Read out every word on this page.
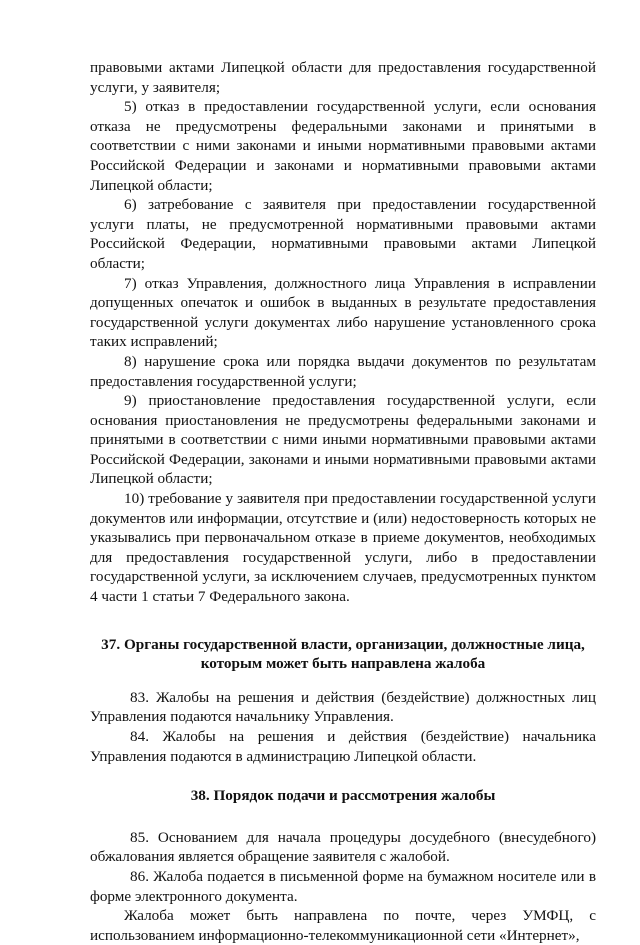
правовыми актами Липецкой области для предоставления государственной услуги, у заявителя;

5) отказ в предоставлении государственной услуги, если основания отказа не предусмотрены федеральными законами и принятыми в соответствии с ними законами и иными нормативными правовыми актами Российской Федерации и законами и нормативными правовыми актами Липецкой области;

6) затребование с заявителя при предоставлении государственной услуги платы, не предусмотренной нормативными правовыми актами Российской Федерации, нормативными правовыми актами Липецкой области;

7) отказ Управления, должностного лица Управления в исправлении допущенных опечаток и ошибок в выданных в результате предоставления государственной услуги документах либо нарушение установленного срока таких исправлений;

8) нарушение срока или порядка выдачи документов по результатам предоставления государственной услуги;

9) приостановление предоставления государственной услуги, если основания приостановления не предусмотрены федеральными законами и принятыми в соответствии с ними иными нормативными правовыми актами Российской Федерации, законами и иными нормативными правовыми актами Липецкой области;

10) требование у заявителя при предоставлении государственной услуги документов или информации, отсутствие и (или) недостоверность которых не указывались при первоначальном отказе в приеме документов, необходимых для предоставления государственной услуги, либо в предоставлении государственной услуги, за исключением случаев, предусмотренных пунктом 4 части 1 статьи 7 Федерального закона.

37. Органы государственной власти, организации, должностные лица, которым может быть направлена жалоба

83. Жалобы на решения и действия (бездействие) должностных лиц Управления подаются начальнику Управления.

84. Жалобы на решения и действия (бездействие) начальника Управления подаются в администрацию Липецкой области.

38. Порядок подачи и рассмотрения жалобы

85. Основанием для начала процедуры досудебного (внесудебного) обжалования является обращение заявителя с жалобой.

86. Жалоба подается в письменной форме на бумажном носителе или в форме электронного документа.

Жалоба может быть направлена по почте, через УМФЦ, с использованием информационно-телекоммуникационной сети «Интернет»,
